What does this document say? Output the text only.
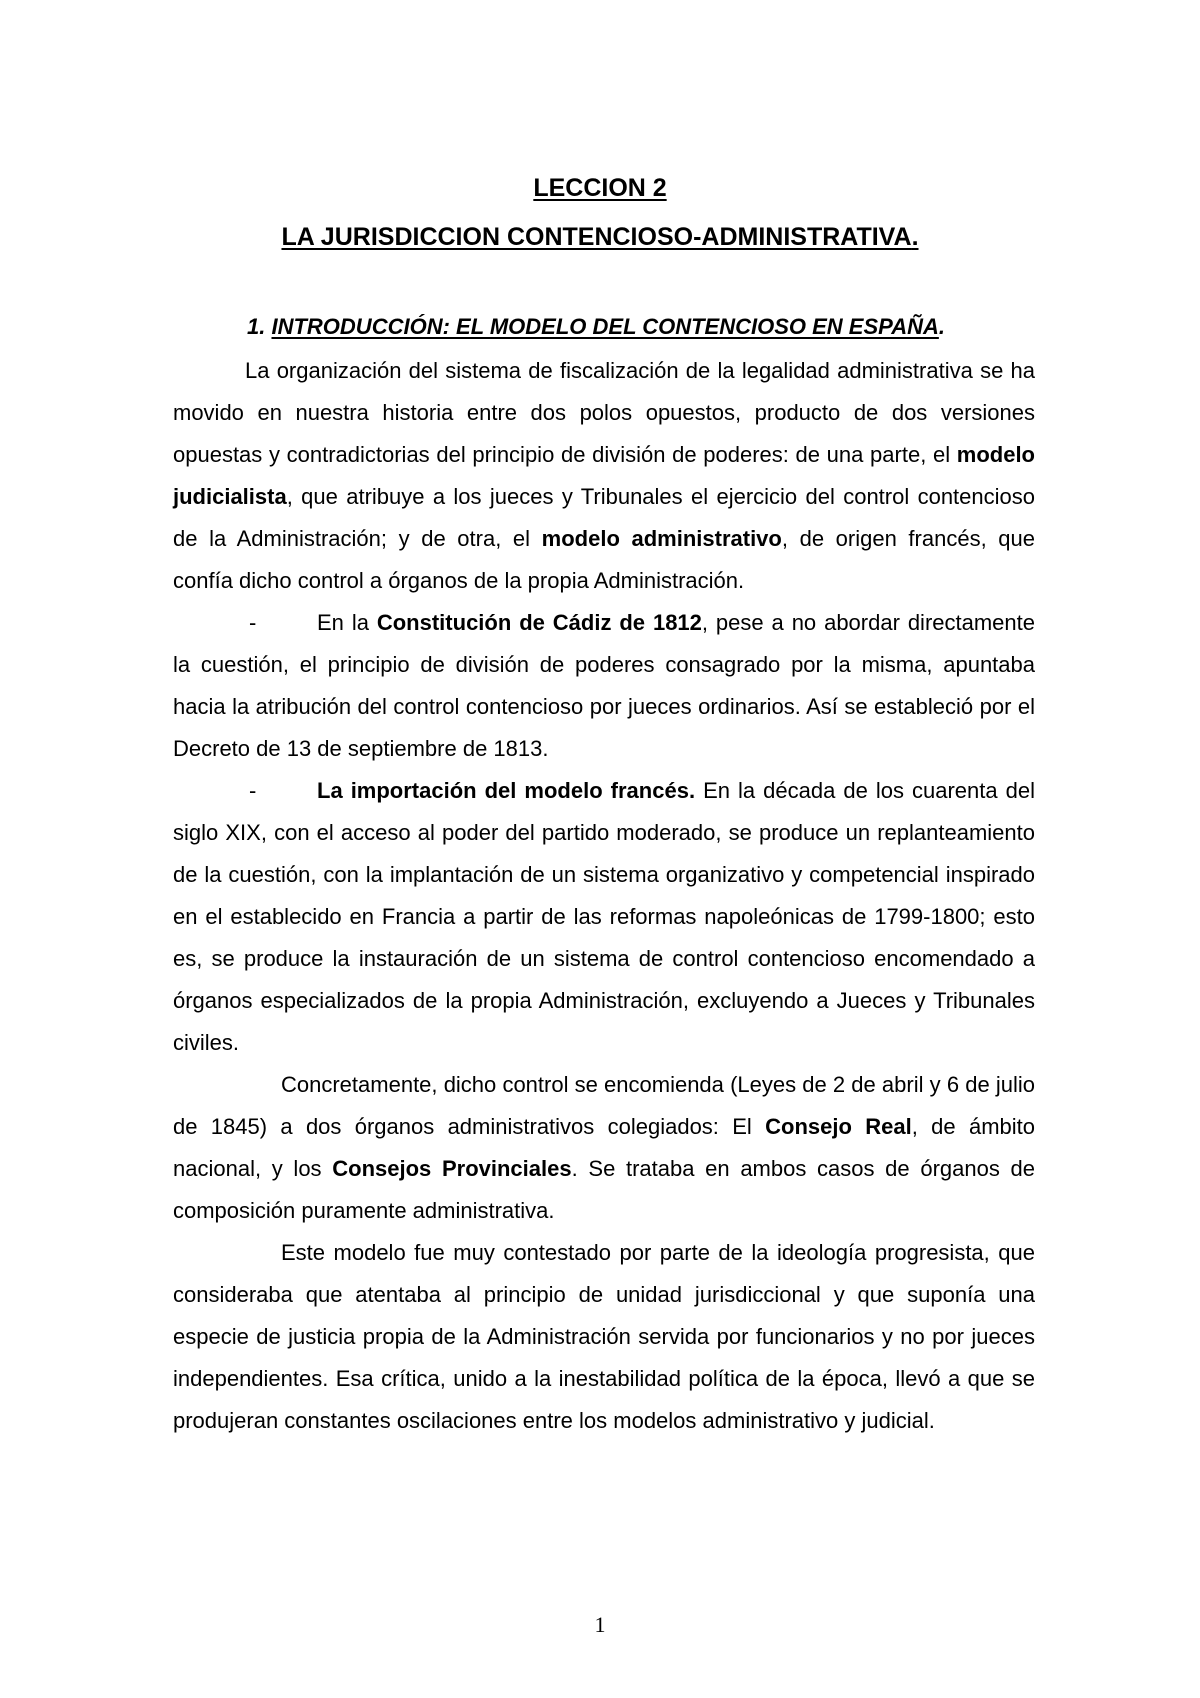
LECCION 2
LA JURISDICCION CONTENCIOSO-ADMINISTRATIVA.
1. INTRODUCCIÓN: EL MODELO DEL CONTENCIOSO EN ESPAÑA.

La organización del sistema de fiscalización de la legalidad administrativa se ha movido en nuestra historia entre dos polos opuestos, producto de dos versiones opuestas y contradictorias del principio de división de poderes: de una parte, el modelo judicialista, que atribuye a los jueces y Tribunales el ejercicio del control contencioso de la Administración; y de otra, el modelo administrativo, de origen francés, que confía dicho control a órganos de la propia Administración.

-	En la Constitución de Cádiz de 1812, pese a no abordar directamente la cuestión, el principio de división de poderes consagrado por la misma, apuntaba hacia la atribución del control contencioso por jueces ordinarios. Así se estableció por el Decreto de 13 de septiembre de 1813.

-	La importación del modelo francés. En la década de los cuarenta del siglo XIX, con el acceso al poder del partido moderado, se produce un replanteamiento de la cuestión, con la implantación de un sistema organizativo y competencial inspirado en el establecido en Francia a partir de las reformas napoleónicas de 1799-1800; esto es, se produce la instauración de un sistema de control contencioso encomendado a órganos especializados de la propia Administración, excluyendo a Jueces y Tribunales civiles.

Concretamente, dicho control se encomienda (Leyes de 2 de abril y 6 de julio de 1845) a dos órganos administrativos colegiados: El Consejo Real, de ámbito nacional, y los Consejos Provinciales. Se trataba en ambos casos de órganos de composición puramente administrativa.

Este modelo fue muy contestado por parte de la ideología progresista, que consideraba que atentaba al principio de unidad jurisdiccional y que suponía una especie de justicia propia de la Administración servida por funcionarios y no por jueces independientes. Esa crítica, unido a la inestabilidad política de la época, llevó a que se produjeran constantes oscilaciones entre los modelos administrativo y judicial.

1
